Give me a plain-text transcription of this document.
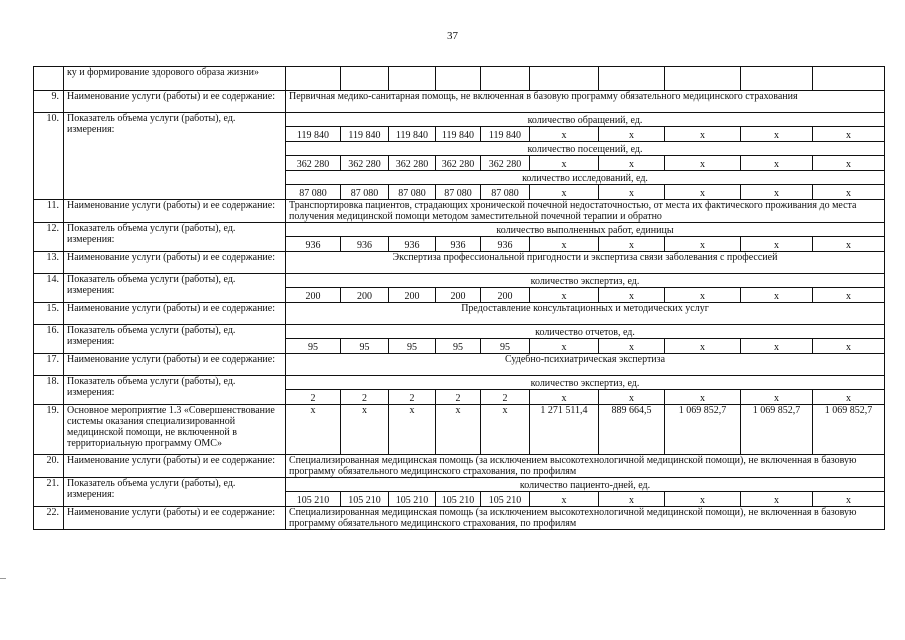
37
	ку и формирование здорового образа жизни»										
9.	Наименование услуги (работы) и ее содержание:	Первичная медико-санитарная помощь, не включенная в базовую программу обязательного медицинского страхования									
10.	Показатель объема услуги (работы), ед. измерения:	количество обращений, ед.									
		119 840	119 840	119 840	119 840	119 840	х	х	х	х	х
		количество посещений, ед.									
		362 280	362 280	362 280	362 280	362 280	х	х	х	х	х
		количество исследований, ед.									
		87 080	87 080	87 080	87 080	87 080	х	х	х	х	х
11.	Наименование услуги (работы) и ее содержание:	Транспортировка пациентов, страдающих хронической почечной недостаточностью, от места их фактического проживания до места получения медицинской помощи методом заместительной почечной терапии и обратно									
12.	Показатель объема услуги (работы), ед. измерения:	количество выполненных работ, единицы									
		936	936	936	936	936	х	х	х	х	х
13.	Наименование услуги (работы) и ее содержание:	Экспертиза профессиональной пригодности и экспертиза связи заболевания с профессией									
14.	Показатель объема услуги (работы), ед. измерения:	количество экспертиз, ед.									
		200	200	200	200	200	х	х	х	х	х
15.	Наименование услуги (работы) и ее содержание:	Предоставление консультационных и методических услуг									
16.	Показатель объема услуги (работы), ед. измерения:	количество отчетов, ед.									
		95	95	95	95	95	х	х	х	х	х
17.	Наименование услуги (работы) и ее содержание:	Судебно-психиатрическая экспертиза									
18.	Показатель объема услуги (работы), ед. измерения:	количество экспертиз, ед.									
		2	2	2	2	2	х	х	х	х	х
19.	Основное мероприятие 1.3 «Совершенствование системы оказания специализированной медицинской помощи, не включенной в территориальную программу ОМС»	х	х	х	х	х	1 271 511,4	889 664,5	1 069 852,7	1 069 852,7	1 069 852,7
20.	Наименование услуги (работы) и ее содержание:	Специализированная медицинская помощь (за исключением высокотехнологичной медицинской помощи), не включенная в базовую программу обязательного медицинского страхования, по профилям									
21.	Показатель объема услуги (работы), ед. измерения:	количество пациенто-дней, ед.									
		105 210	105 210	105 210	105 210	105 210	х	х	х	х	х
22.	Наименование услуги (работы) и ее содержание:	Специализированная медицинская помощь (за исключением высокотехнологичной медицинской помощи), не включенная в базовую программу обязательного медицинского страхования, по профилям									
